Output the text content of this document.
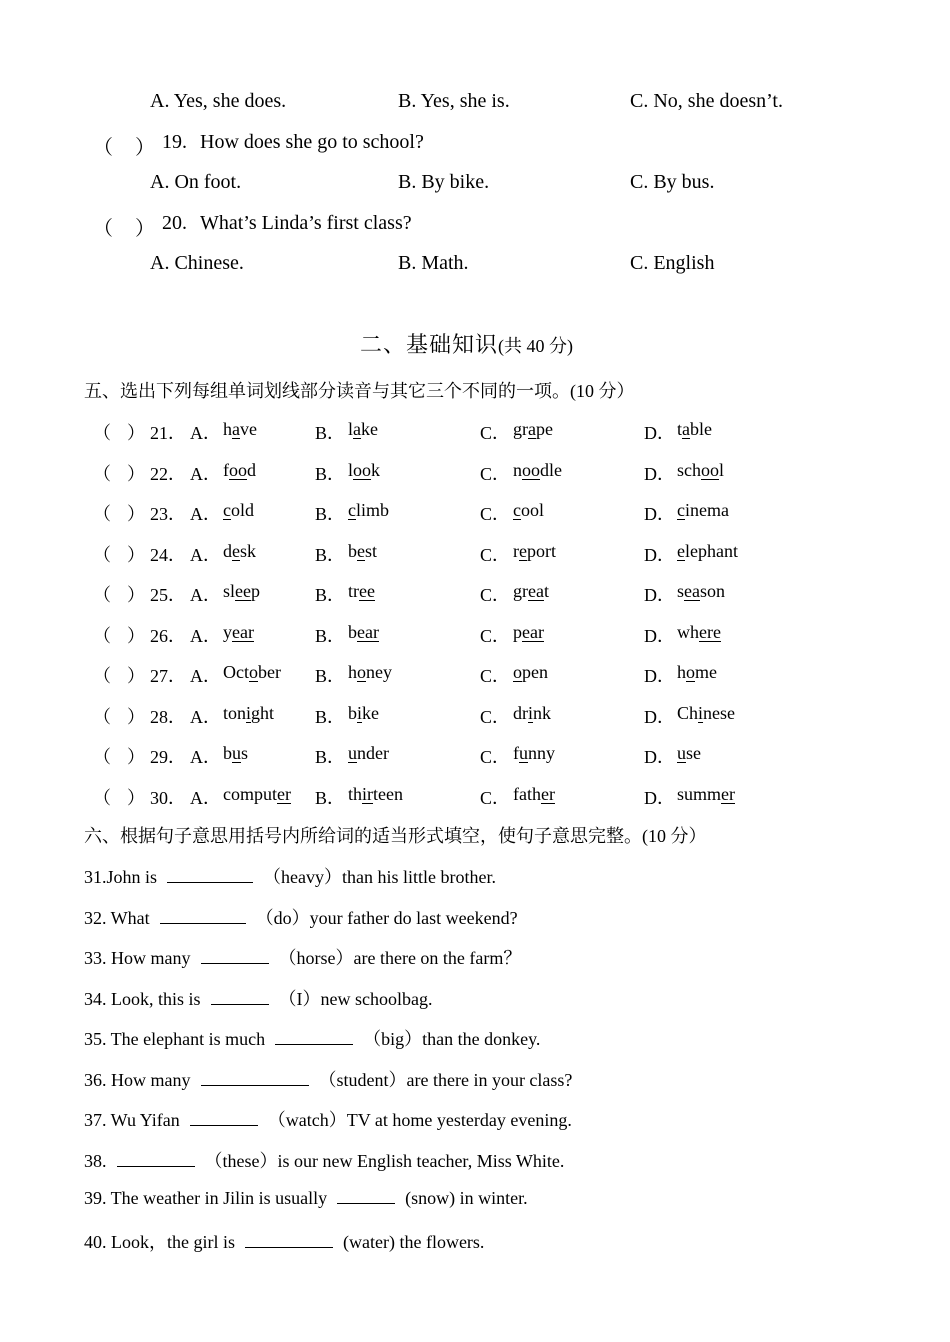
A. Yes, she does.	B. Yes, she is.	C. No, she doesn’t.
（ ） 19. How does she go to school?
A. On foot.	B. By bike.	C. By bus.
（ ） 20. What’s Linda’s first class?
A. Chinese.	B. Math.	C. English
二、基础知识(共 40 分)
五、选出下列每组单词划线部分读音与其它三个不同的一项。(10 分）
（ ） 21． A． have	B． lake	C． grape	D． table
（ ） 22． A． food	B． look	C． noodle	D． school
（ ） 23． A． cold	B． climb	C． cool	D． cinema
（ ） 24． A． desk	B． best	C． report	D． elephant
（ ） 25． A． sleep	B． tree	C． great	D． season
（ ） 26． A． year	B． bear	C． pear	D． where
（ ） 27． A． October B． honey	C． open	D． home
（ ） 28． A． tonight B． bike	C． drink	D． Chinese
（ ） 29． A． bus	B． under	C． funny	D． use
（ ） 30． A． computer B． thirteen	C． father	D． summer
六、根据句子意思用括号内所给词的适当形式填空，使句子意思完整。(10 分）
31.John is	（heavy）than his little brother.
32. What	（do）your father do last weekend?
33. How many	（horse）are there on the farm？
34. Look, this is	（I）new schoolbag.
35. The elephant is much	（big）than the donkey.
36. How many	（student）are there in your class?
37. Wu Yifan	（watch）TV at home yesterday evening.
38.	（these）is our new English teacher, Miss White.
39. The weather in Jilin is usually	(snow) in winter.
40. Look，the girl is	(water) the flowers.
